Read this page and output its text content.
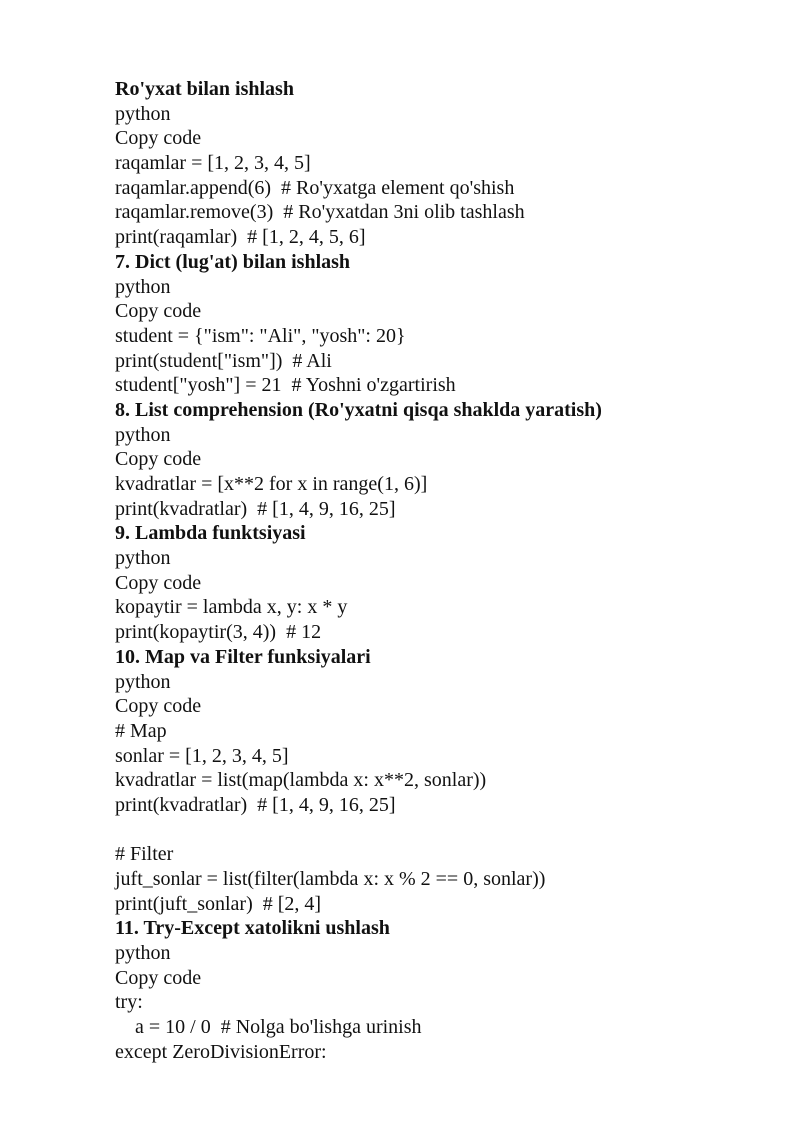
Ro'yxat bilan ishlash
python
Copy code
raqamlar = [1, 2, 3, 4, 5]
raqamlar.append(6)  # Ro'yxatga element qo'shish
raqamlar.remove(3)  # Ro'yxatdan 3ni olib tashlash
print(raqamlar)  # [1, 2, 4, 5, 6]
7. Dict (lug'at) bilan ishlash
python
Copy code
student = {"ism": "Ali", "yosh": 20}
print(student["ism"])  # Ali
student["yosh"] = 21  # Yoshni o'zgartirish
8. List comprehension (Ro'yxatni qisqa shaklda yaratish)
python
Copy code
kvadratlar = [x**2 for x in range(1, 6)]
print(kvadratlar)  # [1, 4, 9, 16, 25]
9. Lambda funktsiyasi
python
Copy code
kopaytir = lambda x, y: x * y
print(kopaytir(3, 4))  # 12
10. Map va Filter funksiyalari
python
Copy code
# Map
sonlar = [1, 2, 3, 4, 5]
kvadratlar = list(map(lambda x: x**2, sonlar))
print(kvadratlar)  # [1, 4, 9, 16, 25]
# Filter
juft_sonlar = list(filter(lambda x: x % 2 == 0, sonlar))
print(juft_sonlar)  # [2, 4]
11. Try-Except xatolikni ushlash
python
Copy code
try:
a = 10 / 0  # Nolga bo'lishga urinish
except ZeroDivisionError:
